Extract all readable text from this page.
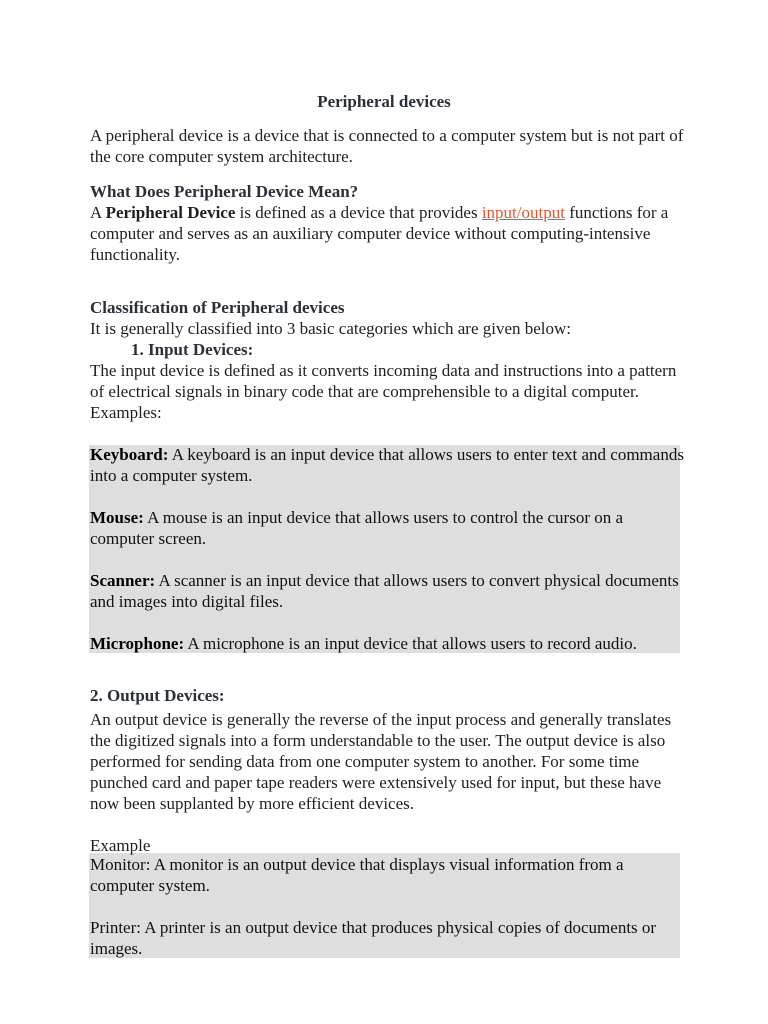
Peripheral devices
A peripheral device is a device that is connected to a computer system but is not part of the core computer system architecture.
What Does Peripheral Device Mean?
A Peripheral Device is defined as a device that provides input/output functions for a computer and serves as an auxiliary computer device without computing-intensive functionality.
Classification of Peripheral devices
It is generally classified into 3 basic categories which are given below:
1. Input Devices:
The input device is defined as it converts incoming data and instructions into a pattern of electrical signals in binary code that are comprehensible to a digital computer.
Examples:
Keyboard: A keyboard is an input device that allows users to enter text and commands into a computer system.
Mouse: A mouse is an input device that allows users to control the cursor on a computer screen.
Scanner: A scanner is an input device that allows users to convert physical documents and images into digital files.
Microphone: A microphone is an input device that allows users to record audio.
2. Output Devices:
An output device is generally the reverse of the input process and generally translates the digitized signals into a form understandable to the user. The output device is also performed for sending data from one computer system to another. For some time punched card and paper tape readers were extensively used for input, but these have now been supplanted by more efficient devices.
Example
Monitor: A monitor is an output device that displays visual information from a computer system.
Printer: A printer is an output device that produces physical copies of documents or images.
